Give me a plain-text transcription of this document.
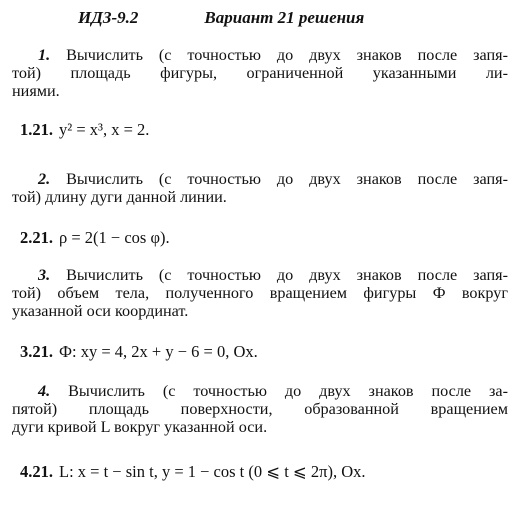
ИДЗ-9.2	Вариант 21 решения
1. Вычислить (с точностью до двух знаков после запя-
той) площадь фигуры, ограниченной указанными ли-
ниями.
1.21. y² = x³, x = 2.
2. Вычислить (с точностью до двух знаков после запя-
той) длину дуги данной линии.
2.21. ρ = 2(1 − cos φ).
3. Вычислить (с точностью до двух знаков после запя-
той) объем тела, полученного вращением фигуры Ф вокруг
указанной оси координат.
3.21. Ф: xy = 4, 2x + y − 6 = 0, Ox.
4. Вычислить (с точностью до двух знаков после за-
пятой) площадь поверхности, образованной вращением
дуги кривой L вокруг указанной оси.
4.21. L: x = t − sin t, y = 1 − cos t (0 ⩽ t ⩽ 2π), Ox.
